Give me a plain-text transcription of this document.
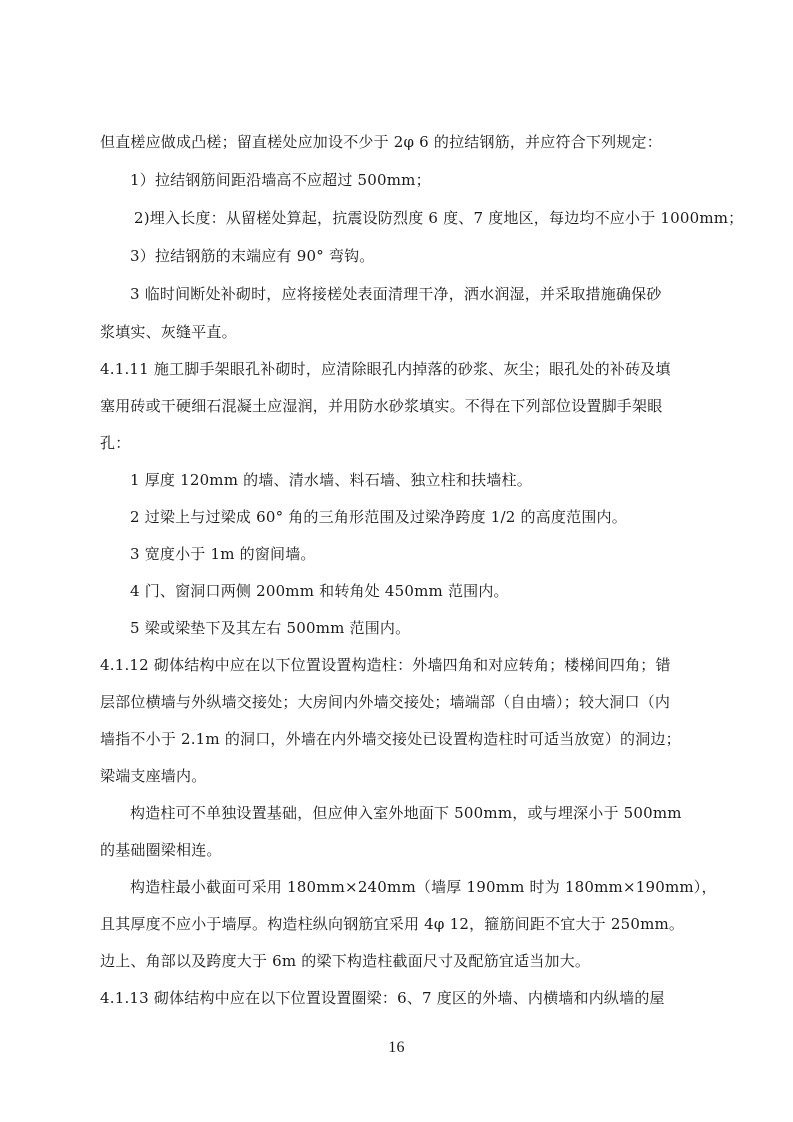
但直槎应做成凸槎；留直槎处应加设不少于 2φ 6 的拉结钢筋，并应符合下列规定：
1）拉结钢筋间距沿墙高不应超过 500mm；
2)埋入长度：从留槎处算起，抗震设防烈度 6 度、7 度地区，每边均不应小于 1000mm；
3）拉结钢筋的末端应有 90° 弯钩。
3 临时间断处补砌时，应将接槎处表面清理干净，洒水润湿，并采取措施确保砂
浆填实、灰缝平直。
4.1.11 施工脚手架眼孔补砌时，应清除眼孔内掉落的砂浆、灰尘；眼孔处的补砖及填
塞用砖或干硬细石混凝土应湿润，并用防水砂浆填实。不得在下列部位设置脚手架眼
孔：
1 厚度 120mm 的墙、清水墙、料石墙、独立柱和扶墙柱。
2 过梁上与过梁成 60° 角的三角形范围及过梁净跨度 1/2 的高度范围内。
3 宽度小于 1m 的窗间墙。
4 门、窗洞口两侧 200mm 和转角处 450mm 范围内。
5 梁或梁垫下及其左右 500mm 范围内。
4.1.12 砌体结构中应在以下位置设置构造柱：外墙四角和对应转角；楼梯间四角；错
层部位横墙与外纵墙交接处；大房间内外墙交接处；墙端部（自由墙）；较大洞口（内
墙指不小于 2.1m 的洞口，外墙在内外墙交接处已设置构造柱时可适当放宽）的洞边；
梁端支座墙内。
构造柱可不单独设置基础，但应伸入室外地面下 500mm，或与埋深小于 500mm
的基础圈梁相连。
构造柱最小截面可采用 180mm×240mm（墙厚 190mm 时为 180mm×190mm），
且其厚度不应小于墙厚。构造柱纵向钢筋宜采用 4φ 12，箍筋间距不宜大于 250mm。
边上、角部以及跨度大于 6m 的梁下构造柱截面尺寸及配筋宜适当加大。
4.1.13 砌体结构中应在以下位置设置圈梁：6、7 度区的外墙、内横墙和内纵墙的屋
16
